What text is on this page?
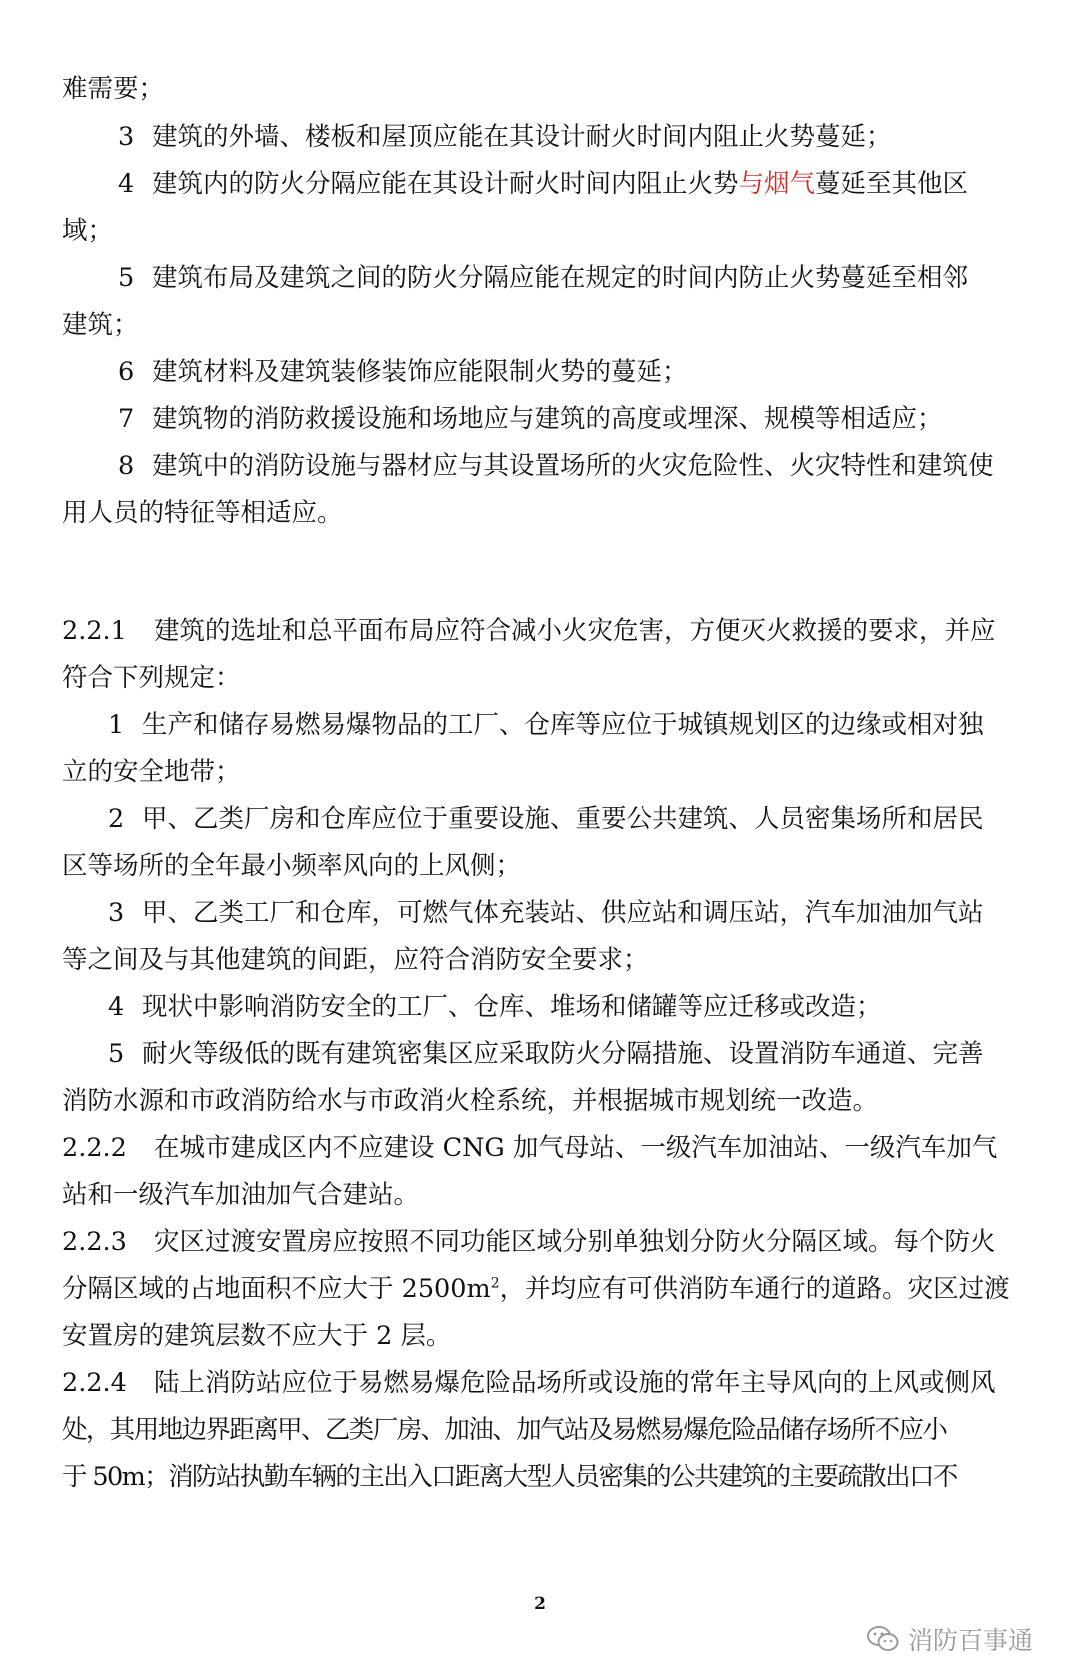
难需要；
3 建筑的外墙、楼板和屋顶应能在其设计耐火时间内阻止火势蔓延；
4 建筑内的防火分隔应能在其设计耐火时间内阻止火势与烟气蔓延至其他区
域；
5 建筑布局及建筑之间的防火分隔应能在规定的时间内防止火势蔓延至相邻
建筑；
6 建筑材料及建筑装修装饰应能限制火势的蔓延；
7 建筑物的消防救援设施和场地应与建筑的高度或埋深、规模等相适应；
8 建筑中的消防设施与器材应与其设置场所的火灾危险性、火灾特性和建筑使
用人员的特征等相适应。
2.2.1 建筑的选址和总平面布局应符合减小火灾危害，方便灭火救援的要求，并应
符合下列规定：
1 生产和储存易燃易爆物品的工厂、仓库等应位于城镇规划区的边缘或相对独
立的安全地带；
2 甲、乙类厂房和仓库应位于重要设施、重要公共建筑、人员密集场所和居民
区等场所的全年最小频率风向的上风侧；
3 甲、乙类工厂和仓库，可燃气体充装站、供应站和调压站，汽车加油加气站
等之间及与其他建筑的间距，应符合消防安全要求；
4 现状中影响消防安全的工厂、仓库、堆场和储罐等应迁移或改造；
5 耐火等级低的既有建筑密集区应采取防火分隔措施、设置消防车通道、完善
消防水源和市政消防给水与市政消火栓系统，并根据城市规划统一改造。
2.2.2 在城市建成区内不应建设 CNG 加气母站、一级汽车加油站、一级汽车加气
站和一级汽车加油加气合建站。
2.2.3 灾区过渡安置房应按照不同功能区域分别单独划分防火分隔区域。每个防火
分隔区域的占地面积不应大于 $2500m^2$，并均应有可供消防车通行的道路。灾区过渡
安置房的建筑层数不应大于 2 层。
2.2.4 陆上消防站应位于易燃易爆危险品场所或设施的常年主导风向的上风或侧风
处，其用地边界距离甲、乙类厂房、加油、加气站及易燃易爆危险品储存场所不应小
于 50m；消防站执勤车辆的主出入口距离大型人员密集的公共建筑的主要疏散出口不
2
消防百事通
